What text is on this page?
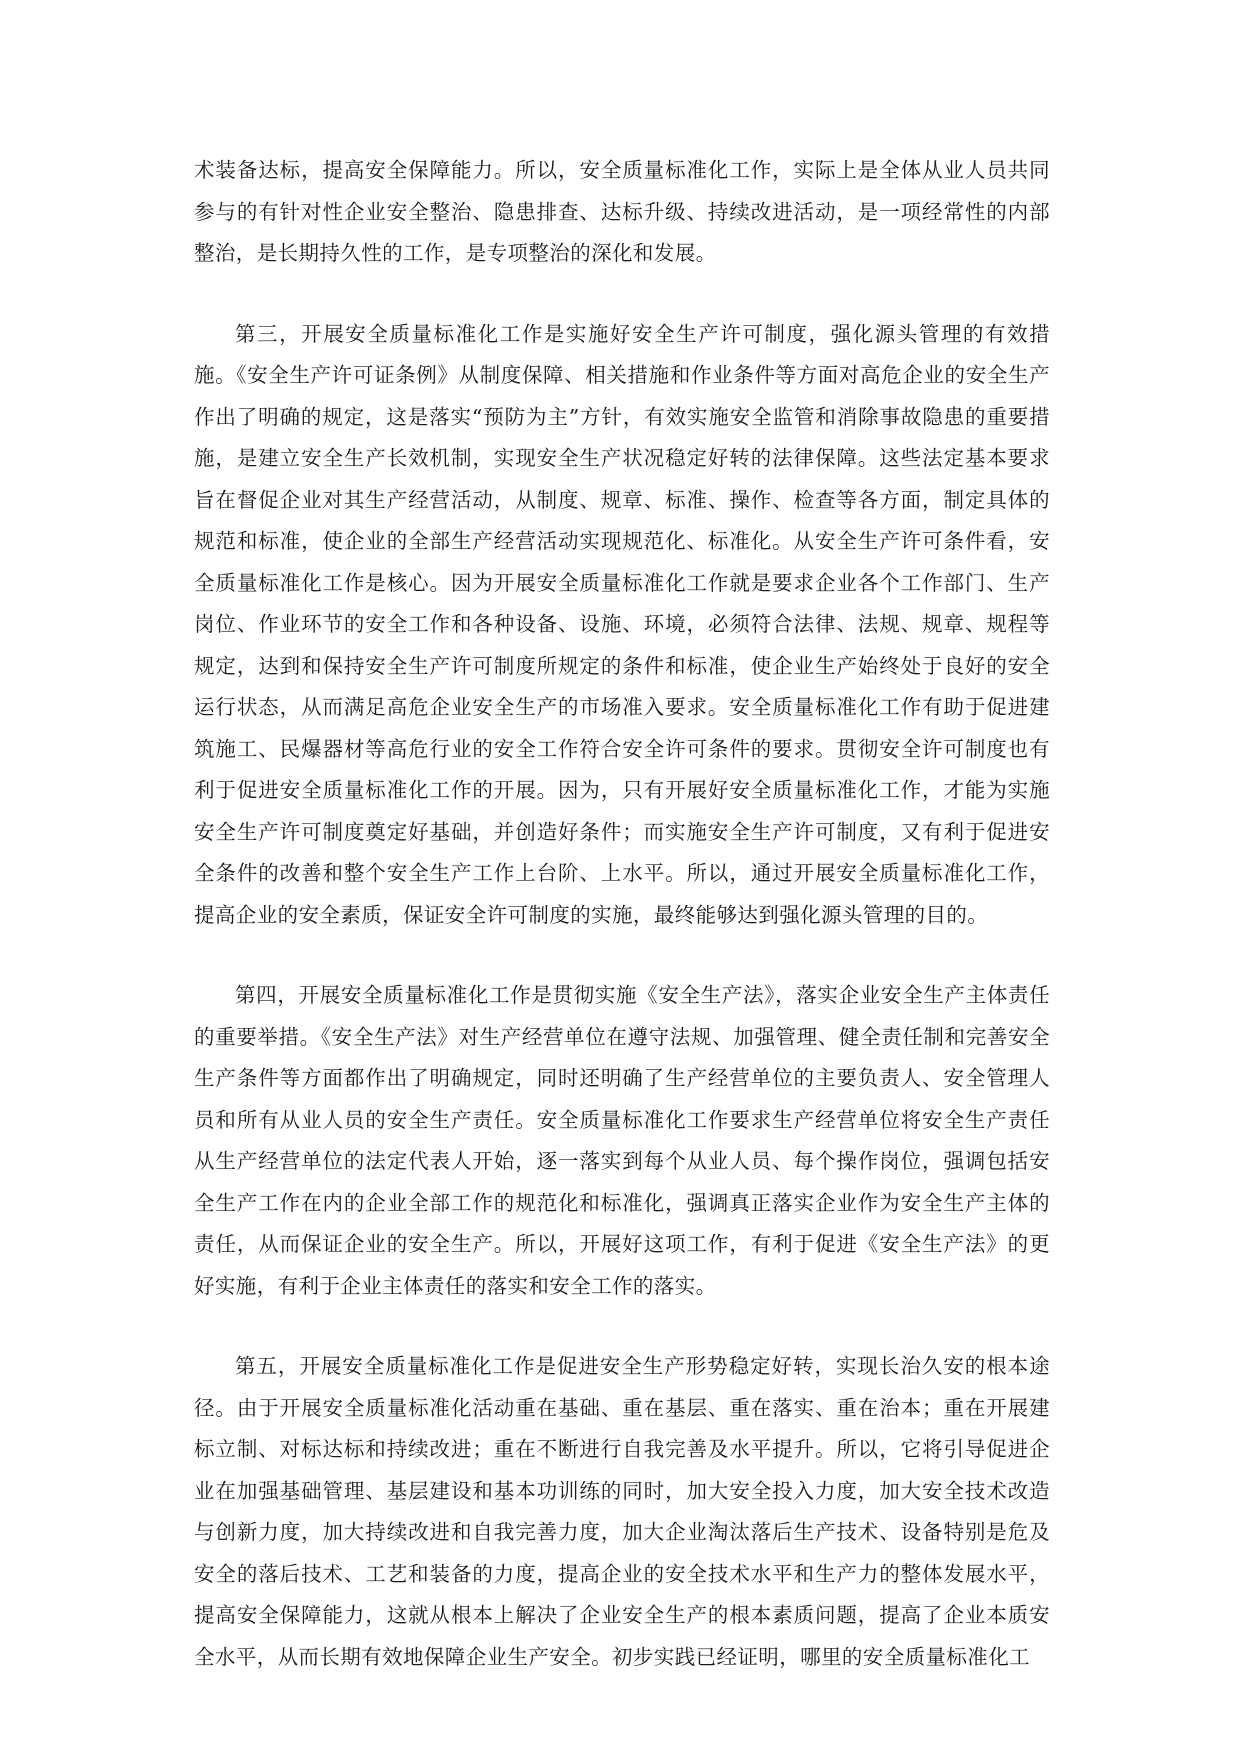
术装备达标，提高安全保障能力。所以，安全质量标准化工作，实际上是全体从业人员共同参与的有针对性企业安全整治、隐患排查、达标升级、持续改进活动，是一项经常性的内部整治，是长期持久性的工作，是专项整治的深化和发展。

第三，开展安全质量标准化工作是实施好安全生产许可制度，强化源头管理的有效措施。《安全生产许可证条例》从制度保障、相关措施和作业条件等方面对高危企业的安全生产作出了明确的规定，这是落实“预防为主”方针，有效实施安全监管和消除事故隐患的重要措施，是建立安全生产长效机制，实现安全生产状况稳定好转的法律保障。这些法定基本要求旨在督促企业对其生产经营活动，从制度、规章、标准、操作、检查等各方面，制定具体的规范和标准，使企业的全部生产经营活动实现规范化、标准化。从安全生产许可条件看，安全质量标准化工作是核心。因为开展安全质量标准化工作就是要求企业各个工作部门、生产岗位、作业环节的安全工作和各种设备、设施、环境，必须符合法律、法规、规章、规程等规定，达到和保持安全生产许可制度所规定的条件和标准，使企业生产始终处于良好的安全运行状态，从而满足高危企业安全生产的市场准入要求。安全质量标准化工作有助于促进建筑施工、民爆器材等高危行业的安全工作符合安全许可条件的要求。贯彻安全许可制度也有利于促进安全质量标准化工作的开展。因为，只有开展好安全质量标准化工作，才能为实施安全生产许可制度奠定好基础，并创造好条件；而实施安全生产许可制度，又有利于促进安全条件的改善和整个安全生产工作上台阶、上水平。所以，通过开展安全质量标准化工作，提高企业的安全素质，保证安全许可制度的实施，最终能够达到强化源头管理的目的。

第四，开展安全质量标准化工作是贯彻实施《安全生产法》，落实企业安全生产主体责任的重要举措。《安全生产法》对生产经营单位在遵守法规、加强管理、健全责任制和完善安全生产条件等方面都作出了明确规定，同时还明确了生产经营单位的主要负责人、安全管理人员和所有从业人员的安全生产责任。安全质量标准化工作要求生产经营单位将安全生产责任从生产经营单位的法定代表人开始，逐一落实到每个从业人员、每个操作岗位，强调包括安全生产工作在内的企业全部工作的规范化和标准化，强调真正落实企业作为安全生产主体的责任，从而保证企业的安全生产。所以，开展好这项工作，有利于促进《安全生产法》的更好实施，有利于企业主体责任的落实和安全工作的落实。

第五，开展安全质量标准化工作是促进安全生产形势稳定好转，实现长治久安的根本途径。由于开展安全质量标准化活动重在基础、重在基层、重在落实、重在治本；重在开展建标立制、对标达标和持续改进；重在不断进行自我完善及水平提升。所以，它将引导促进企业在加强基础管理、基层建设和基本功训练的同时，加大安全投入力度，加大安全技术改造与创新力度，加大持续改进和自我完善力度，加大企业淘汰落后生产技术、设备特别是危及安全的落后技术、工艺和装备的力度，提高企业的安全技术水平和生产力的整体发展水平，提高安全保障能力，这就从根本上解决了企业安全生产的根本素质问题，提高了企业本质安全水平，从而长期有效地保障企业生产安全。初步实践已经证明，哪里的安全质量标准化工
